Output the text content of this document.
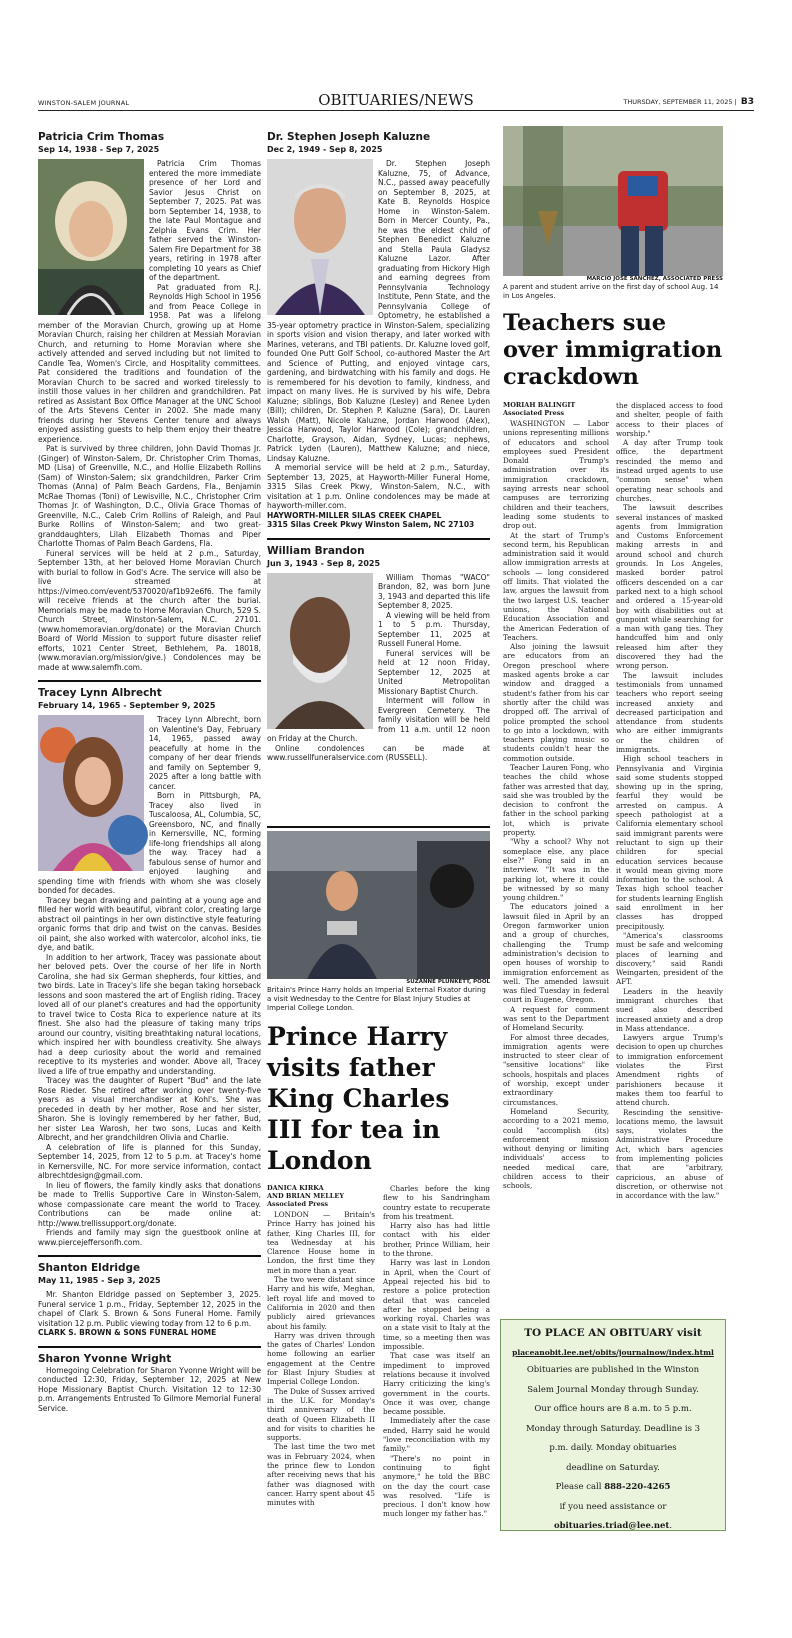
WINSTON-SALEM JOURNAL	OBITUARIES/NEWS	THURSDAY, SEPTEMBER 11, 2025 | B3
Patricia Crim Thomas
Sep 14, 1938 - Sep 7, 2025

Patricia Crim Thomas entered the more immediate presence of her Lord and Savior Jesus Christ on September 7, 2025. Pat was born September 14, 1938, to the late Paul Montague and Zelphia Evans Crim. Her father served the Winston-Salem Fire Department for 38 years, retiring in 1978 after completing 10 years as Chief of the department.

Pat graduated from R.J. Reynolds High School in 1956 and from Peace College in 1958. Pat was a lifelong member of the Moravian Church, growing up at Home Moravian Church, raising her children at Messiah Moravian Church, and returning to Home Moravian where she actively attended and served including but not limited to Candle Tea, Women's Circle, and Hospitality committees. Pat considered the traditions and foundation of the Moravian Church to be sacred and worked tirelessly to instill those values in her children and grandchildren. Pat retired as Assistant Box Office Manager at the UNC School of the Arts Stevens Center in 2002. She made many friends during her Stevens Center tenure and always enjoyed assisting guests to help them enjoy their theatre experience.

Pat is survived by three children, John David Thomas Jr. (Ginger) of Winston-Salem, Dr. Christopher Crim Thomas, MD (Lisa) of Greenville, N.C., and Hollie Elizabeth Rollins (Sam) of Winston-Salem; six grandchildren, Parker Crim Thomas (Anna) of Palm Beach Gardens, Fla., Benjamin McRae Thomas (Toni) of Lewisville, N.C., Christopher Crim Thomas Jr. of Washington, D.C., Olivia Grace Thomas of Greenville, N.C., Caleb Crim Rollins of Raleigh, and Paul Burke Rollins of Winston-Salem; and two great-granddaughters, Lilah Elizabeth Thomas and Piper Charlotte Thomas of Palm Beach Gardens, Fla.

Funeral services will be held at 2 p.m., Saturday, September 13th, at her beloved Home Moravian Church with burial to follow in God's Acre. The service will also be live streamed at https://vimeo.com/event/5370020/af1b92e6f6. The family will receive friends at the church after the burial. Memorials may be made to Home Moravian Church, 529 S. Church Street, Winston-Salem, N.C. 27101. (www.homemoravian.org/donate) or the Moravian Church Board of World Mission to support future disaster relief efforts, 1021 Center Street, Bethlehem, Pa. 18018, (www.moravian.org/mission/give.) Condolences may be made at www.salemfh.com.

Tracey Lynn Albrecht
February 14, 1965 - September 9, 2025

Tracey Lynn Albrecht, born on Valentine's Day, February 14, 1965, passed away peacefully at home in the company of her dear friends and family on September 9, 2025 after a long battle with cancer.

Born in Pittsburgh, PA, Tracey also lived in Tuscaloosa, AL, Columbia, SC, Greensboro, NC, and finally in Kernersville, NC, forming life-long friendships all along the way. Tracey had a fabulous sense of humor and enjoyed laughing and spending time with friends with whom she was closely bonded for decades.

Tracey began drawing and painting at a young age and filled her world with beautiful, vibrant color, creating large abstract oil paintings in her own distinctive style featuring organic forms that drip and twist on the canvas. Besides oil paint, she also worked with watercolor, alcohol inks, tie dye, and batik.

In addition to her artwork, Tracey was passionate about her beloved pets. Over the course of her life in North Carolina, she had six German shepherds, four kitties, and two birds. Late in Tracey's life she began taking horseback lessons and soon mastered the art of English riding. Tracey loved all of our planet's creatures and had the opportunity to travel twice to Costa Rica to experience nature at its finest. She also had the pleasure of taking many trips around our country, visiting breathtaking natural locations, which inspired her with boundless creativity. She always had a deep curiosity about the world and remained receptive to its mysteries and wonder. Above all, Tracey lived a life of true empathy and understanding.

Tracey was the daughter of Rupert "Bud" and the late Rose Rieder. She retired after working over twenty-five years as a visual merchandiser at Kohl's. She was preceded in death by her mother, Rose and her sister, Sharon. She is lovingly remembered by her father, Bud, her sister Lea Warosh, her two sons, Lucas and Keith Albrecht, and her grandchildren Olivia and Charlie.

A celebration of life is planned for this Sunday, September 14, 2025, from 12 to 5 p.m. at Tracey's home in Kernersville, NC. For more service information, contact albrechtdesign@gmail.com.

In lieu of flowers, the family kindly asks that donations be made to Trellis Supportive Care in Winston-Salem, whose compassionate care meant the world to Tracey. Contributions can be made online at: http://www.trellissupport.org/donate.

Friends and family may sign the guestbook online at www.piercejeffersonfh.com.

Shanton Eldridge
May 11, 1985 - Sep 3, 2025

Mr. Shanton Eldridge passed on September 3, 2025. Funeral service 1 p.m., Friday, September 12, 2025 in the chapel of Clark S. Brown & Sons Funeral Home. Family visitation 12 p.m. Public viewing today from 12 to 6 p.m.

CLARK S. BROWN & SONS FUNERAL HOME

Sharon Yvonne Wright

Homegoing Celebration for Sharon Yvonne Wright will be conducted 12:30, Friday, September 12, 2025 at New Hope Missionary Baptist Church. Visitation 12 to 12:30 p.m. Arrangements Entrusted To Gilmore Memorial Funeral Service.

Dr. Stephen Joseph Kaluzne
Dec 2, 1949 - Sep 8, 2025

Dr. Stephen Joseph Kaluzne, 75, of Advance, N.C., passed away peacefully on September 8, 2025, at Kate B. Reynolds Hospice Home in Winston-Salem. Born in Mercer County, Pa., he was the eldest child of Stephen Benedict Kaluzne and Stella Paula Gladysz Kaluzne Lazor. After graduating from Hickory High and earning degrees from Pennsylvania Technology Institute, Penn State, and the Pennsylvania College of Optometry, he established a 35-year optometry practice in Winston-Salem, specializing in sports vision and vision therapy, and later worked with Marines, veterans, and TBI patients. Dr. Kaluzne loved golf, founded One Putt Golf School, co-authored Master the Art and Science of Putting, and enjoyed vintage cars, gardening, and birdwatching with his family and dogs. He is remembered for his devotion to family, kindness, and impact on many lives. He is survived by his wife, Debra Kaluzne; siblings, Bob Kaluzne (Lesley) and Renee Lyden (Bill); children, Dr. Stephen P. Kaluzne (Sara), Dr. Lauren Walsh (Matt), Nicole Kaluzne, Jordan Harwood (Alex), Jessica Harwood, Taylor Harwood (Cole); grandchildren, Charlotte, Grayson, Aidan, Sydney, Lucas; nephews, Patrick Lyden (Lauren), Matthew Kaluzne; and niece, Lindsay Kaluzne.

A memorial service will be held at 2 p.m., Saturday, September 13, 2025, at Hayworth-Miller Funeral Home, 3315 Silas Creek Pkwy, Winston-Salem, N.C., with visitation at 1 p.m. Online condolences may be made at hayworth-miller.com.

HAYWORTH-MILLER SILAS CREEK CHAPEL

3315 Silas Creek Pkwy Winston Salem, NC 27103

William Brandon
Jun 3, 1943 - Sep 8, 2025

William Thomas "WACO" Brandon, 82, was born June 3, 1943 and departed this life September 8, 2025.

A viewing will be held from 1 to 5 p.m. Thursday, September 11, 2025 at Russell Funeral Home.

Funeral services will be held at 12 noon Friday, September 12, 2025 at United Metropolitan Missionary Baptist Church.

Interment will follow in Evergreen Cemetery. The family visitation will be held from 11 a.m. until 12 noon on Friday at the Church.

Online condolences can be made at www.russellfuneralservice.com (RUSSELL).

SUZANNE PLUNKETT, POOL
Britain's Prince Harry holds an Imperial External Fixator during a visit Wednesday to the Centre for Blast Injury Studies at Imperial College London.
Prince Harry visits father King Charles III for tea in London
DANICA KIRKA
AND BRIAN MELLEY
Associated Press

LONDON — Britain's Prince Harry has joined his father, King Charles III, for tea Wednesday at his Clarence House home in London, the first time they met in more than a year.

The two were distant since Harry and his wife, Meghan, left royal life and moved to California in 2020 and then publicly aired grievances about his family.

Harry was driven through the gates of Charles' London home following an earlier engagement at the Centre for Blast Injury Studies at Imperial College London.

The Duke of Sussex arrived in the U.K. for Monday's third anniversary of the death of Queen Elizabeth II and for visits to charities he supports.

The last time the two met was in February 2024, when the prince flew to London after receiving news that his father was diagnosed with cancer. Harry spent about 45 minutes with

Charles before the king flew to his Sandringham country estate to recuperate from his treatment.

Harry also has had little contact with his elder brother, Prince William, heir to the throne.

Harry was last in London in April, when the Court of Appeal rejected his bid to restore a police protection detail that was canceled after he stopped being a working royal. Charles was on a state visit to Italy at the time, so a meeting then was impossible.

That case was itself an impediment to improved relations because it involved Harry criticizing the king's government in the courts. Once it was over, change became possible.

Immediately after the case ended, Harry said he would "love reconciliation with my family."

"There's no point in continuing to fight anymore," he told the BBC on the day the court case was resolved. "Life is precious. I don't know how much longer my father has."

MARCIO JOSE SANCHEZ, ASSOCIATED PRESS
A parent and student arrive on the first day of school Aug. 14 in Los Angeles.
Teachers sue over immigration crackdown
MORIAH BALINGIT
Associated Press

WASHINGTON — Labor unions representing millions of educators and school employees sued President Donald Trump's administration over its immigration crackdown, saying arrests near school campuses are terrorizing children and their teachers, leading some students to drop out.

At the start of Trump's second term, his Republican administration said it would allow immigration arrests at schools — long considered off limits. That violated the law, argues the lawsuit from the two largest U.S. teacher unions, the National Education Association and the American Federation of Teachers.

Also joining the lawsuit are educators from an Oregon preschool where masked agents broke a car window and dragged a student's father from his car shortly after the child was dropped off. The arrival of police prompted the school to go into a lockdown, with teachers playing music so students couldn't hear the commotion outside.

Teacher Lauren Fong, who teaches the child whose father was arrested that day, said she was troubled by the decision to confront the father in the school parking lot, which is private property.

"Why a school? Why not someplace else, any place else?" Fong said in an interview. "It was in the parking lot, where it could be witnessed by so many young children."

The educators joined a lawsuit filed in April by an Oregon farmworker union and a group of churches, challenging the Trump administration's decision to open houses of worship to immigration enforcement as well. The amended lawsuit was filed Tuesday in federal court in Eugene, Oregon.

A request for comment was sent to the Department of Homeland Security.

For almost three decades, immigration agents were instructed to steer clear of "sensitive locations" like schools, hospitals and places of worship, except under extraordinary circumstances.

Homeland Security, according to a 2021 memo, could "accomplish (its) enforcement mission without denying or limiting individuals' access to needed medical care, children access to their schools,

the displaced access to food and shelter, people of faith access to their places of worship."

A day after Trump took office, the department rescinded the memo and instead urged agents to use "common sense" when operating near schools and churches.

The lawsuit describes several instances of masked agents from Immigration and Customs Enforcement making arrests in and around school and church grounds. In Los Angeles, masked border patrol officers descended on a car parked next to a high school and ordered a 15-year-old boy with disabilities out at gunpoint while searching for a man with gang ties. They handcuffed him and only released him after they discovered they had the wrong person.

The lawsuit includes testimonials from unnamed teachers who report seeing increased anxiety and decreased participation and attendance from students who are either immigrants or the children of immigrants.

High school teachers in Pennsylvania and Virginia said some students stopped showing up in the spring, fearful they would be arrested on campus. A speech pathologist at a California elementary school said immigrant parents were reluctant to sign up their children for special education services because it would mean giving more information to the school. A Texas high school teacher for students learning English said enrollment in her classes has dropped precipitously.

"America's classrooms must be safe and welcoming places of learning and discovery," said Randi Weingarten, president of the AFT.

Leaders in the heavily immigrant churches that sued also described increased anxiety and a drop in Mass attendance.

Lawyers argue Trump's decision to open up churches to immigration enforcement violates the First Amendment rights of parishioners because it makes them too fearful to attend church.

Rescinding the sensitive-locations memo, the lawsuit says, violates the Administrative Procedure Act, which bars agencies from implementing policies that are "arbitrary, capricious, an abuse of discretion, or otherwise not in accordance with the law."

TO PLACE AN OBITUARY visit
placeanobit.lee.net/obits/journalnow/index.html
Obituaries are published in the Winston
Salem Journal Monday through Sunday.
Our office hours are 8 a.m. to 5 p.m.
Monday through Saturday. Deadline is 3
p.m. daily. Monday obituaries
deadline on Saturday.
Please call 888-220-4265
if you need assistance or
obituaries.triad@lee.net.
